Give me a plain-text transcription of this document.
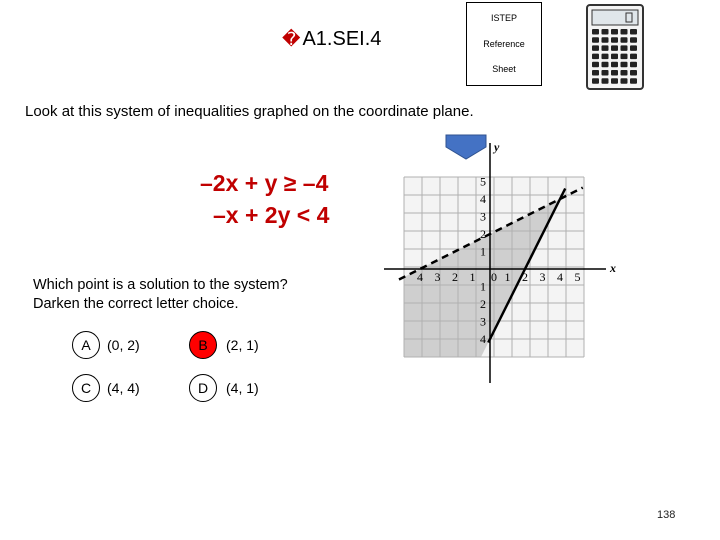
� A1.SEI.4
ISTEP
Reference
Sheet
Look at this system of inequalities graphed on the coordinate plane.
–2x + y ≥ –4
–x + 2y < 4
Which point is a solution to the system?
Darken the correct letter choice.
A	(0, 2)	B	(2, 1)
C	(4, 4)	D	(4, 1)
4 3 2 1 1 2 3 4 5
5
4
3
2
1
1
2
3
4
0
x
y
138
